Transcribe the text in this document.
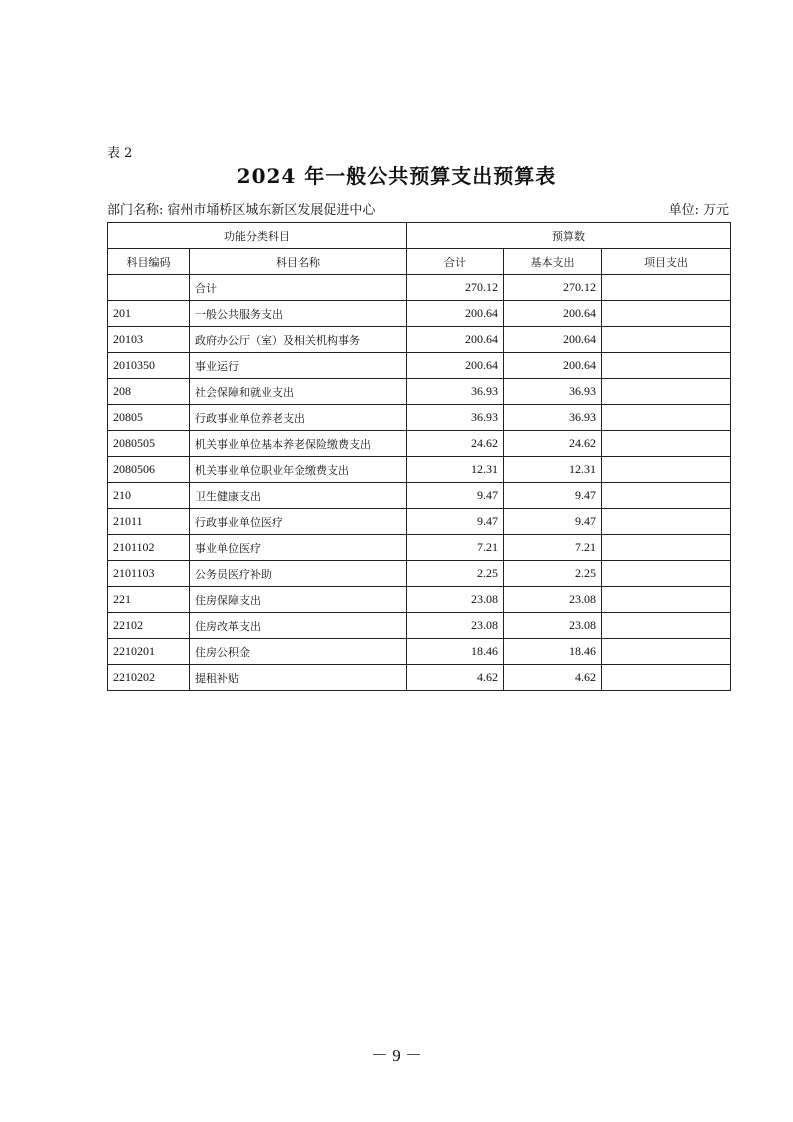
表 2
2024 年一般公共预算支出预算表
部门名称: 宿州市埇桥区城东新区发展促进中心	单位: 万元
功能分类科目		预算数		
科目编码	科目名称	合计	基本支出	项目支出
	合计	270.12	270.12	
201	一般公共服务支出	200.64	200.64	
20103	政府办公厅（室）及相关机构事务	200.64	200.64	
2010350	事业运行	200.64	200.64	
208	社会保障和就业支出	36.93	36.93	
20805	行政事业单位养老支出	36.93	36.93	
2080505	机关事业单位基本养老保险缴费支出	24.62	24.62	
2080506	机关事业单位职业年金缴费支出	12.31	12.31	
210	卫生健康支出	9.47	9.47	
21011	行政事业单位医疗	9.47	9.47	
2101102	事业单位医疗	7.21	7.21	
2101103	公务员医疗补助	2.25	2.25	
221	住房保障支出	23.08	23.08	
22102	住房改革支出	23.08	23.08	
2210201	住房公积金	18.46	18.46	
2210202	提租补贴	4.62	4.62	
－ 9 －
